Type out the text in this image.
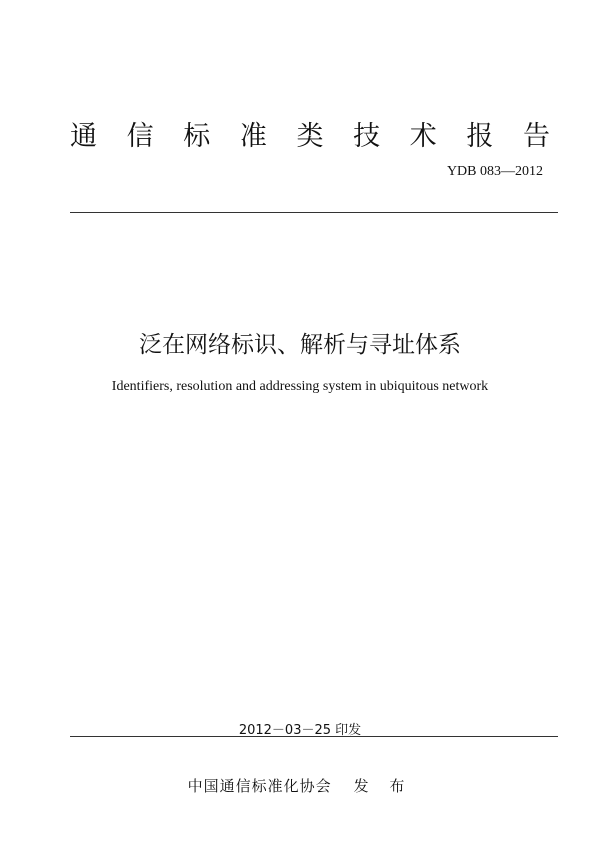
通 信 标 准 类 技 术 报 告
YDB 083—2012
泛在网络标识、解析与寻址体系
Identifiers, resolution and addressing system in ubiquitous network
2012－03－25 印发
中国通信标准化协会 发 布
